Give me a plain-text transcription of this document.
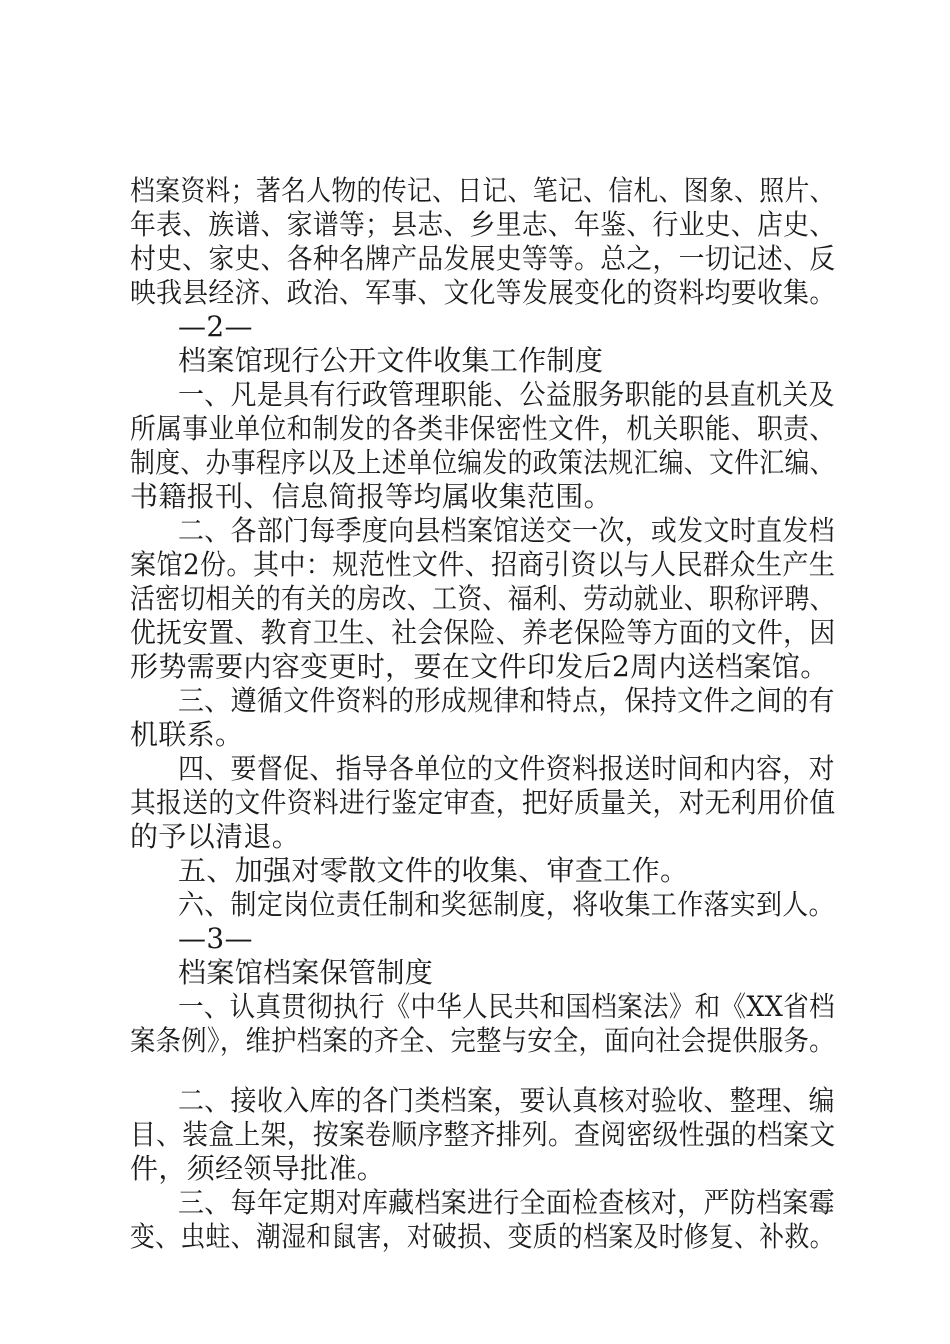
档案资料；著名人物的传记、日记、笔记、信札、图象、照片、
年表、族谱、家谱等；县志、乡里志、年鉴、行业史、店史、
村史、家史、各种名牌产品发展史等等。总之，一切记述、反
映我县经济、政治、军事、文化等发展变化的资料均要收集。
—2—
档案馆现行公开文件收集工作制度
一、凡是具有行政管理职能、公益服务职能的县直机关及
所属事业单位和制发的各类非保密性文件，机关职能、职责、
制度、办事程序以及上述单位编发的政策法规汇编、文件汇编、
书籍报刊、信息简报等均属收集范围。
二、各部门每季度向县档案馆送交一次，或发文时直发档
案馆2份。其中：规范性文件、招商引资以与人民群众生产生
活密切相关的有关的房改、工资、福利、劳动就业、职称评聘、
优抚安置、教育卫生、社会保险、养老保险等方面的文件，因
形势需要内容变更时，要在文件印发后2周内送档案馆。
三、遵循文件资料的形成规律和特点，保持文件之间的有
机联系。
四、要督促、指导各单位的文件资料报送时间和内容，对
其报送的文件资料进行鉴定审查，把好质量关，对无利用价值
的予以清退。
五、加强对零散文件的收集、审查工作。
六、制定岗位责任制和奖惩制度，将收集工作落实到人。
—3—
档案馆档案保管制度
一、认真贯彻执行《中华人民共和国档案法》和《XX省档
案条例》，维护档案的齐全、完整与安全，面向社会提供服务。
二、接收入库的各门类档案，要认真核对验收、整理、编
目、装盒上架，按案卷顺序整齐排列。查阅密级性强的档案文
件，须经领导批准。
三、每年定期对库藏档案进行全面检查核对，严防档案霉
变、虫蛀、潮湿和鼠害，对破损、变质的档案及时修复、补救。
